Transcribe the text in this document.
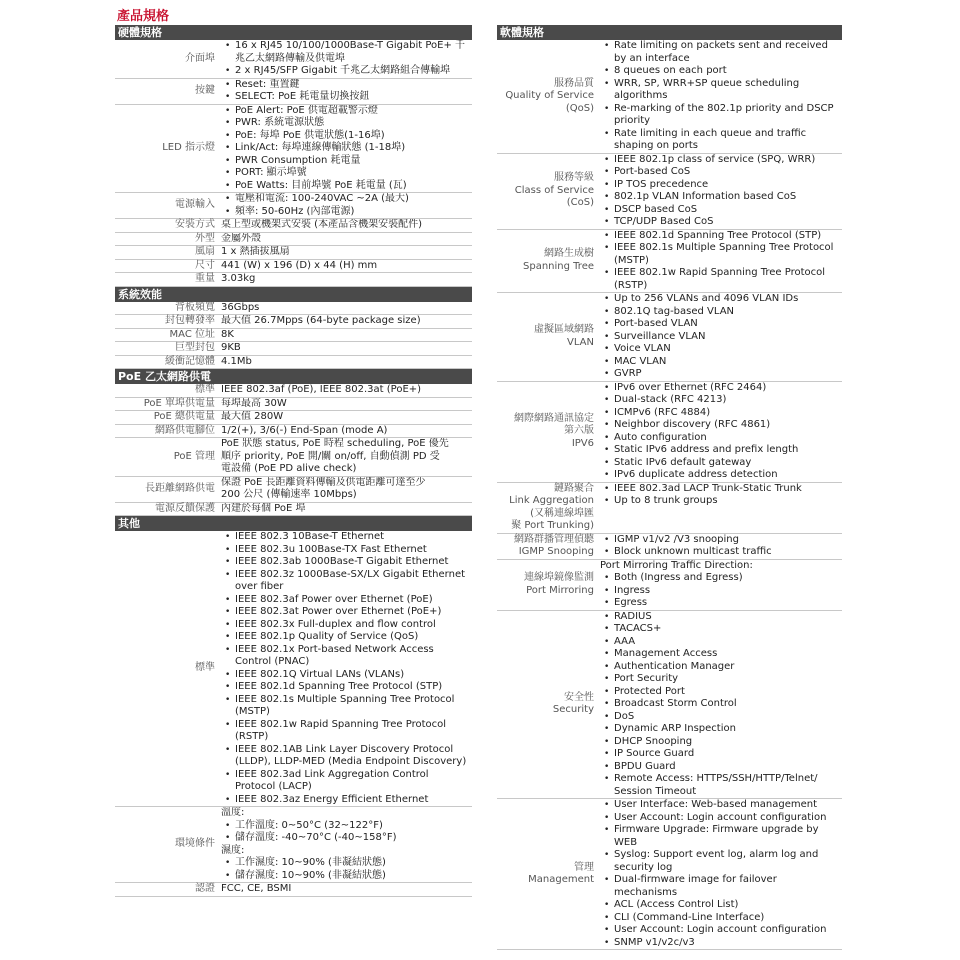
產品規格
硬體規格
介面埠
• 16 x RJ45 10/100/1000Base-T Gigabit PoE+ 千兆乙太網路傳輸及供電埠
• 2 x RJ45/SFP Gigabit 千兆乙太網路組合傳輸埠
按鍵
• Reset: 重置鍵
• SELECT: PoE 耗電量切換按鈕
LED 指示燈
• PoE Alert: PoE 供電超載警示燈
• PWR: 系統電源狀態
• PoE: 每埠 PoE 供電狀態(1-16埠)
• Link/Act: 每埠連線傳輸狀態 (1-18埠)
• PWR Consumption 耗電量
• PORT: 顯示埠號
• PoE Watts: 目前埠號 PoE 耗電量 (瓦)
電源輸入
• 電壓和電流: 100-240VAC ~2A (最大)
• 頻率: 50-60Hz (內部電源)
安裝方式 桌上型或機架式安裝 (本產品含機架安裝配件)
外型 金屬外殼
風扇 1 x 熱插拔風扇
尺寸 441 (W) x 196 (D) x 44 (H) mm
重量 3.03kg
系統效能
背板頻寬 36Gbps
封包轉發率 最大值 26.7Mpps (64-byte package size)
MAC 位址 8K
巨型封包 9KB
緩衝記憶體 4.1Mb
PoE 乙太網路供電
標準 IEEE 802.3af (PoE), IEEE 802.3at (PoE+)
PoE 單埠供電量 每埠最高 30W
PoE 總供電量 最大值 280W
網路供電腳位 1/2(+), 3/6(-) End-Span (mode A)
PoE 管理
PoE 狀態 status, PoE 時程 scheduling, PoE 優先
順序 priority, PoE 開/關 on/off, 自動偵測 PD 受
電設備 (PoE PD alive check)
長距離網路供電
保證 PoE 長距離資料傳輸及供電距離可達至少
200 公尺 (傳輸速率 10Mbps)
電源反饋保護 內建於每個 PoE 埠
其他
標準
• IEEE 802.3 10Base-T Ethernet
• IEEE 802.3u 100Base-TX Fast Ethernet
• IEEE 802.3ab 1000Base-T Gigabit Ethernet
• IEEE 802.3z 1000Base-SX/LX Gigabit Ethernet over fiber
• IEEE 802.3af Power over Ethernet (PoE)
• IEEE 802.3at Power over Ethernet (PoE+)
• IEEE 802.3x Full-duplex and flow control
• IEEE 802.1p Quality of Service (QoS)
• IEEE 802.1x Port-based Network Access Control (PNAC)
• IEEE 802.1Q Virtual LANs (VLANs)
• IEEE 802.1d Spanning Tree Protocol (STP)
• IEEE 802.1s Multiple Spanning Tree Protocol (MSTP)
• IEEE 802.1w Rapid Spanning Tree Protocol (RSTP)
• IEEE 802.1AB Link Layer Discovery Protocol (LLDP), LLDP-MED (Media Endpoint Discovery)
• IEEE 802.3ad Link Aggregation Control Protocol (LACP)
• IEEE 802.3az Energy Efficient Ethernet
環境條件
溫度:
• 工作溫度: 0~50°C (32~122°F)
• 儲存溫度: -40~70°C (-40~158°F)
濕度:
• 工作濕度: 10~90% (非凝結狀態)
• 儲存濕度: 10~90% (非凝結狀態)
認證 FCC, CE, BSMI
軟體規格
服務品質
Quality of Service
(QoS)
• Rate limiting on packets sent and received by an interface
• 8 queues on each port
• WRR, SP, WRR+SP queue scheduling algorithms
• Re-marking of the 802.1p priority and DSCP priority
• Rate limiting in each queue and traffic shaping on ports
服務等級
Class of Service
(CoS)
• IEEE 802.1p class of service (SPQ, WRR)
• Port-based CoS
• IP TOS precedence
• 802.1p VLAN Information based CoS
• DSCP based CoS
• TCP/UDP Based CoS
網路生成樹
Spanning Tree
• IEEE 802.1d Spanning Tree Protocol (STP)
• IEEE 802.1s Multiple Spanning Tree Protocol (MSTP)
• IEEE 802.1w Rapid Spanning Tree Protocol (RSTP)
虛擬區域網路
VLAN
• Up to 256 VLANs and 4096 VLAN IDs
• 802.1Q tag-based VLAN
• Port-based VLAN
• Surveillance VLAN
• Voice VLAN
• MAC VLAN
• GVRP
網際網路通訊協定
第六版
IPV6
• IPv6 over Ethernet (RFC 2464)
• Dual-stack (RFC 4213)
• ICMPv6 (RFC 4884)
• Neighbor discovery (RFC 4861)
• Auto configuration
• Static IPv6 address and prefix length
• Static IPv6 default gateway
• IPv6 duplicate address detection
鏈路聚合
Link Aggregation
(又稱連線埠匯
聚 Port Trunking)
• IEEE 802.3ad LACP Trunk-Static Trunk
• Up to 8 trunk groups
網路群播管理偵聽
IGMP Snooping
• IGMP v1/v2 /V3 snooping
• Block unknown multicast traffic
連線埠鏡像監測
Port Mirroring
Port Mirroring Traffic Direction:
• Both (Ingress and Egress)
• Ingress
• Egress
安全性
Security
• RADIUS
• TACACS+
• AAA
• Management Access
• Authentication Manager
• Port Security
• Protected Port
• Broadcast Storm Control
• DoS
• Dynamic ARP Inspection
• DHCP Snooping
• IP Source Guard
• BPDU Guard
• Remote Access: HTTPS/SSH/HTTP/Telnet/ Session Timeout
管理
Management
• User Interface: Web-based management
• User Account: Login account configuration
• Firmware Upgrade: Firmware upgrade by WEB
• Syslog: Support event log, alarm log and security log
• Dual-firmware image for failover mechanisms
• ACL (Access Control List)
• CLI (Command-Line Interface)
• User Account: Login account configuration
• SNMP v1/v2c/v3
